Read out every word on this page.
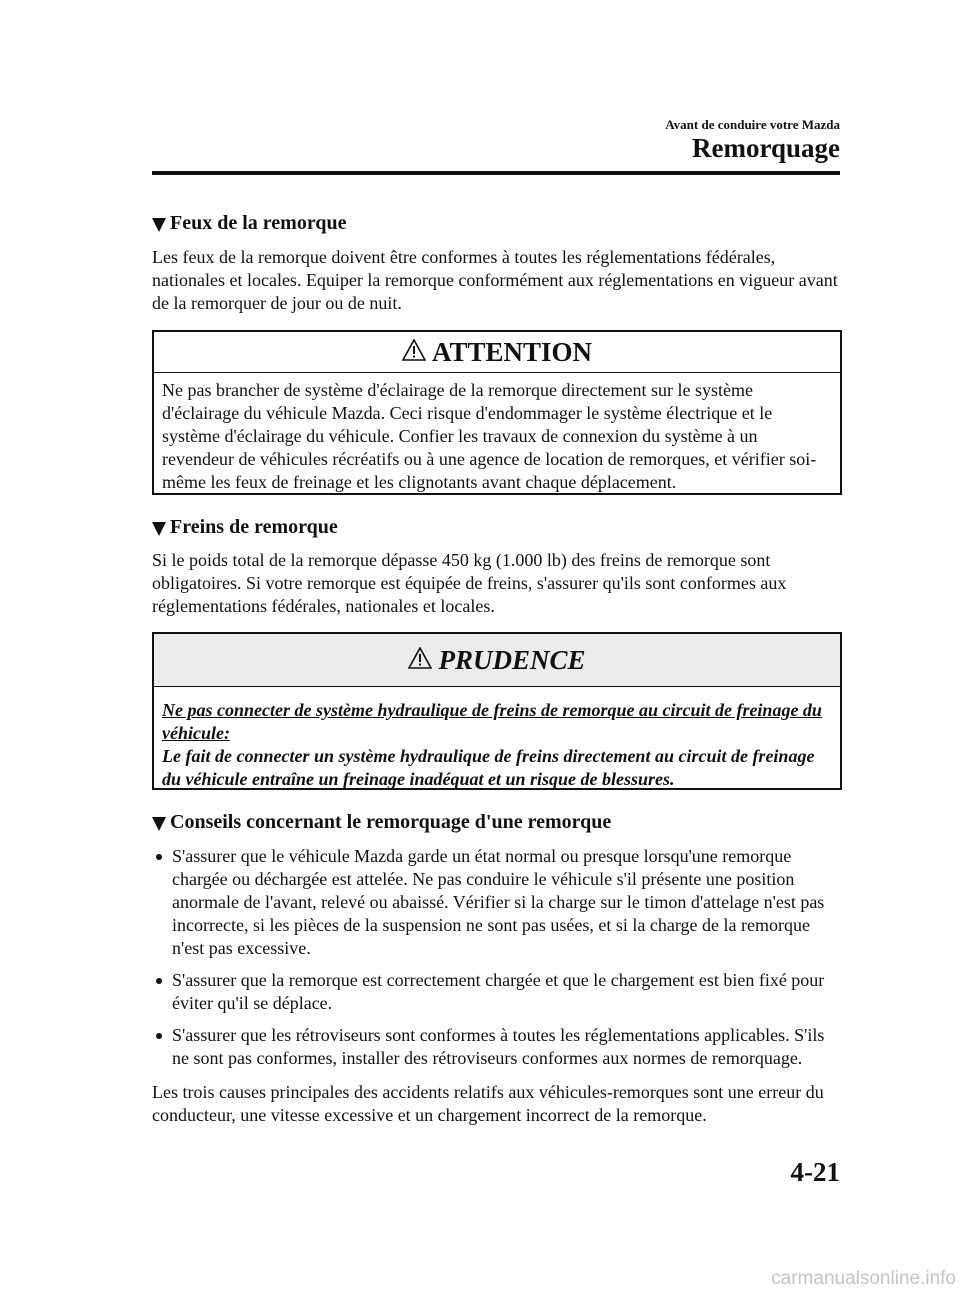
Avant de conduire votre Mazda
Remorquage
Feux de la remorque

Les feux de la remorque doivent être conformes à toutes les réglementations fédérales, nationales et locales. Equiper la remorque conformément aux réglementations en vigueur avant de la remorquer de jour ou de nuit.

ATTENTION
Ne pas brancher de système d'éclairage de la remorque directement sur le système d'éclairage du véhicule Mazda. Ceci risque d'endommager le système électrique et le système d'éclairage du véhicule. Confier les travaux de connexion du système à un revendeur de véhicules récréatifs ou à une agence de location de remorques, et vérifier soi-même les feux de freinage et les clignotants avant chaque déplacement.
Freins de remorque

Si le poids total de la remorque dépasse 450 kg (1.000 lb) des freins de remorque sont obligatoires. Si votre remorque est équipée de freins, s'assurer qu'ils sont conformes aux réglementations fédérales, nationales et locales.

PRUDENCE
Ne pas connecter de système hydraulique de freins de remorque au circuit de freinage du véhicule:
Le fait de connecter un système hydraulique de freins directement au circuit de freinage du véhicule entraîne un freinage inadéquat et un risque de blessures.
Conseils concernant le remorquage d'une remorque
S'assurer que le véhicule Mazda garde un état normal ou presque lorsqu'une remorque chargée ou déchargée est attelée. Ne pas conduire le véhicule s'il présente une position anormale de l'avant, relevé ou abaissé. Vérifier si la charge sur le timon d'attelage n'est pas incorrecte, si les pièces de la suspension ne sont pas usées, et si la charge de la remorque n'est pas excessive.
S'assurer que la remorque est correctement chargée et que le chargement est bien fixé pour éviter qu'il se déplace.
S'assurer que les rétroviseurs sont conformes à toutes les réglementations applicables. S'ils ne sont pas conformes, installer des rétroviseurs conformes aux normes de remorquage.

Les trois causes principales des accidents relatifs aux véhicules-remorques sont une erreur du conducteur, une vitesse excessive et un chargement incorrect de la remorque.

4-21
carmanualsonline.info
